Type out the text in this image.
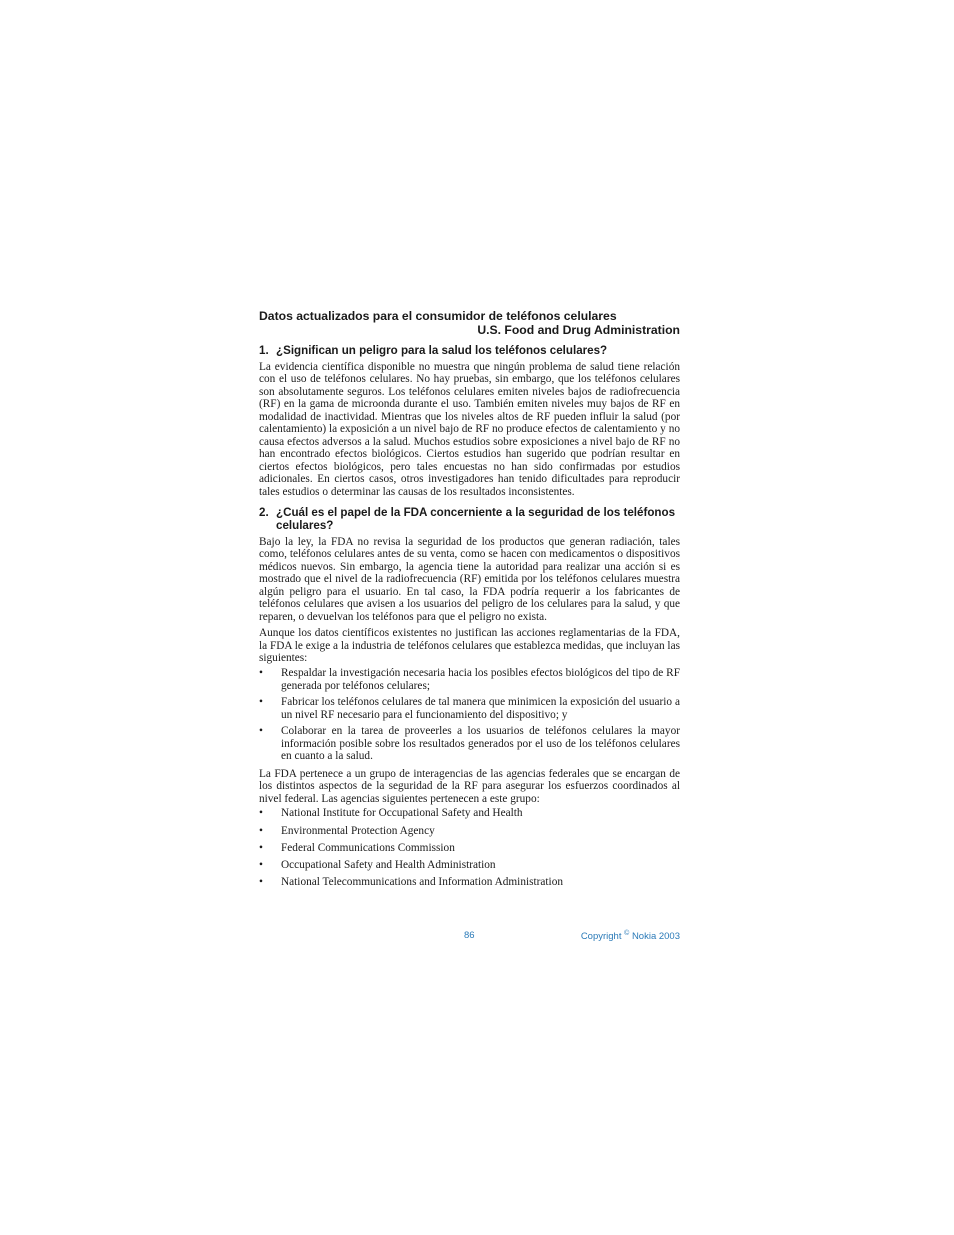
Datos actualizados para el consumidor de teléfonos celulares
U.S. Food and Drug Administration
1. ¿Significan un peligro para la salud los teléfonos celulares?

La evidencia científica disponible no muestra que ningún problema de salud tiene relación con el uso de teléfonos celulares. No hay pruebas, sin embargo, que los teléfonos celulares son absolutamente seguros. Los teléfonos celulares emiten niveles bajos de radiofrecuencia (RF) en la gama de microonda durante el uso. También emiten niveles muy bajos de RF en modalidad de inactividad. Mientras que los niveles altos de RF pueden influir la salud (por calentamiento) la exposición a un nivel bajo de RF no produce efectos de calentamiento y no causa efectos adversos a la salud. Muchos estudios sobre exposiciones a nivel bajo de RF no han encontrado efectos biológicos. Ciertos estudios han sugerido que podrían resultar en ciertos efectos biológicos, pero tales encuestas no han sido confirmadas por estudios adicionales. En ciertos casos, otros investigadores han tenido dificultades para reproducir tales estudios o determinar las causas de los resultados inconsistentes.

2. ¿Cuál es el papel de la FDA concerniente a la seguridad de los teléfonos celulares?

Bajo la ley, la FDA no revisa la seguridad de los productos que generan radiación, tales como, teléfonos celulares antes de su venta, como se hacen con medicamentos o dispositivos médicos nuevos. Sin embargo, la agencia tiene la autoridad para realizar una acción si es mostrado que el nivel de la radiofrecuencia (RF) emitida por los teléfonos celulares muestra algún peligro para el usuario. En tal caso, la FDA podría requerir a los fabricantes de teléfonos celulares que avisen a los usuarios del peligro de los celulares para la salud, y que reparen, o devuelvan los teléfonos para que el peligro no exista.

Aunque los datos científicos existentes no justifican las acciones reglamentarias de la FDA, la FDA le exige a la industria de teléfonos celulares que establezca medidas, que incluyan las siguientes:

• Respaldar la investigación necesaria hacia los posibles efectos biológicos del tipo de RF generada por teléfonos celulares;
• Fabricar los teléfonos celulares de tal manera que minimicen la exposición del usuario a un nivel RF necesario para el funcionamiento del dispositivo; y
• Colaborar en la tarea de proveerles a los usuarios de teléfonos celulares la mayor información posible sobre los resultados generados por el uso de los teléfonos celulares en cuanto a la salud.

La FDA pertenece a un grupo de interagencias de las agencias federales que se encargan de los distintos aspectos de la seguridad de la RF para asegurar los esfuerzos coordinados al nivel federal. Las agencias siguientes pertenecen a este grupo:

• National Institute for Occupational Safety and Health
• Environmental Protection Agency
• Federal Communications Commission
• Occupational Safety and Health Administration
• National Telecommunications and Information Administration
86	Copyright © Nokia 2003
